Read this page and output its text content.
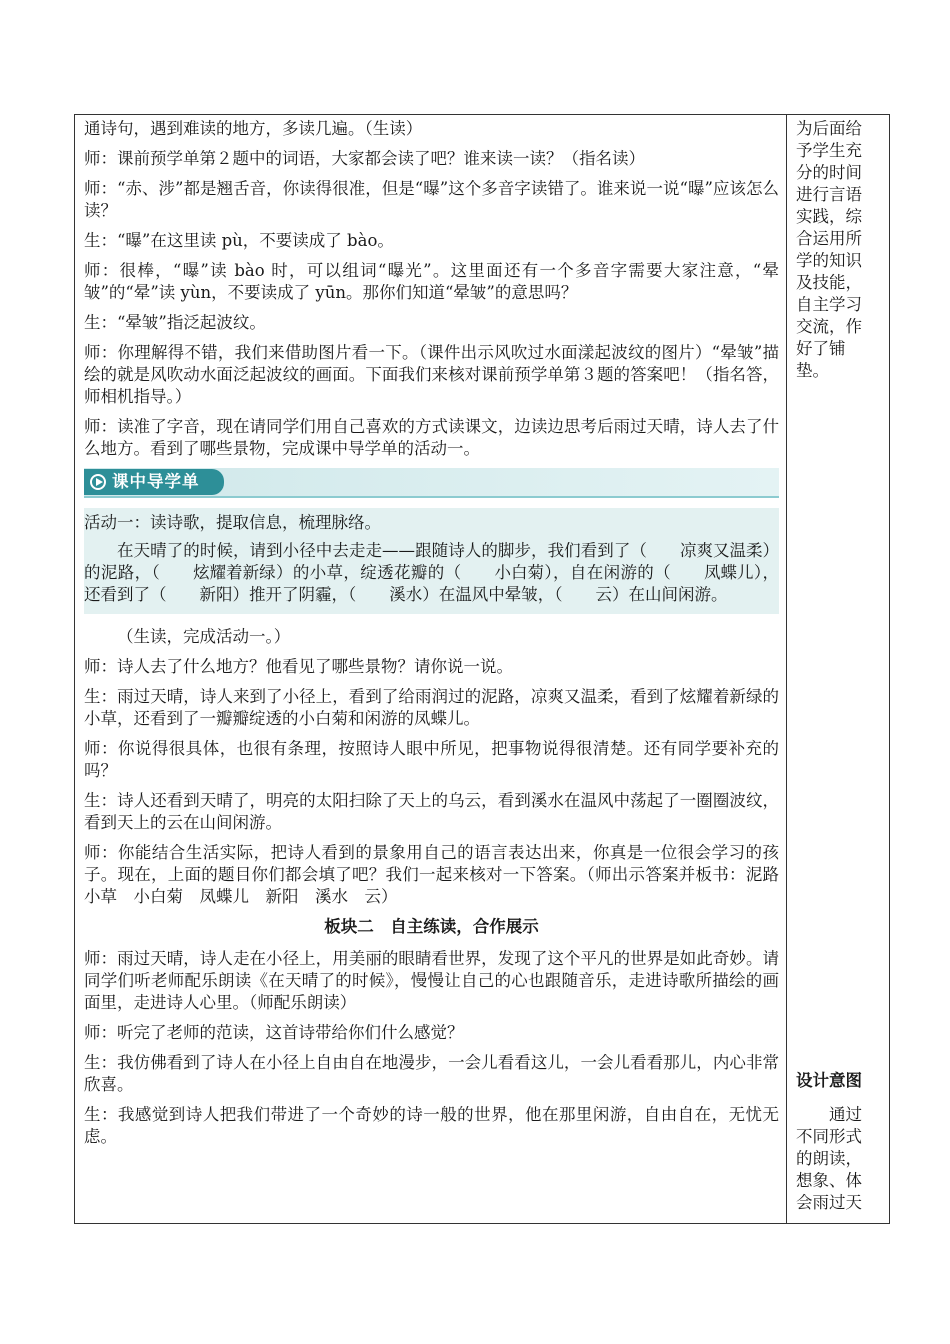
通诗句，遇到难读的地方，多读几遍。（生读）

师：课前预学单第２题中的词语，大家都会读了吧？谁来读一读？（指名读）

师：“赤、涉”都是翘舌音，你读得很准，但是“曝”这个多音字读错了。谁来说一说“曝”应该怎么读？

生：“曝”在这里读 pù，不要读成了 bào。

师：很棒，“曝”读 bào 时，可以组词“曝光”。这里面还有一个多音字需要大家注意，“晕皱”的“晕”读 yùn，不要读成了 yūn。那你们知道“晕皱”的意思吗？

生：“晕皱”指泛起波纹。

师：你理解得不错，我们来借助图片看一下。（课件出示风吹过水面漾起波纹的图片）“晕皱”描绘的就是风吹动水面泛起波纹的画面。下面我们来核对课前预学单第３题的答案吧！（指名答，师相机指导。）

师：读准了字音，现在请同学们用自己喜欢的方式读课文，边读边思考后雨过天晴，诗人去了什么地方。看到了哪些景物，完成课中导学单的活动一。

课中导学单

活动一：读诗歌，提取信息，梳理脉络。

在天晴了的时候，请到小径中去走走——跟随诗人的脚步，我们看到了（ 凉爽又温柔）的泥路，（ 炫耀着新绿）的小草，绽透花瓣的（ 小白菊），自在闲游的（ 凤蝶儿），还看到了（ 新阳）推开了阴霾，（ 溪水）在温风中晕皱，（ 云）在山间闲游。

（生读，完成活动一。）

师：诗人去了什么地方？他看见了哪些景物？请你说一说。

生：雨过天晴，诗人来到了小径上，看到了给雨润过的泥路，凉爽又温柔，看到了炫耀着新绿的小草，还看到了一瓣瓣绽透的小白菊和闲游的凤蝶儿。

师：你说得很具体，也很有条理，按照诗人眼中所见，把事物说得很清楚。还有同学要补充的吗？

生：诗人还看到天晴了，明亮的太阳扫除了天上的乌云，看到溪水在温风中荡起了一圈圈波纹，看到天上的云在山间闲游。

师：你能结合生活实际，把诗人看到的景象用自己的语言表达出来，你真是一位很会学习的孩子。现在，上面的题目你们都会填了吧？我们一起来核对一下答案。（师出示答案并板书：泥路　小草　小白菊　凤蝶儿　新阳　溪水　云）

板块二　自主练读，合作展示

师：雨过天晴，诗人走在小径上，用美丽的眼睛看世界，发现了这个平凡的世界是如此奇妙。请同学们听老师配乐朗读《在天晴了的时候》，慢慢让自己的心也跟随音乐，走进诗歌所描绘的画面里，走进诗人心里。（师配乐朗读）

师：听完了老师的范读，这首诗带给你们什么感觉？

生：我仿佛看到了诗人在小径上自由自在地漫步，一会儿看看这儿，一会儿看看那儿，内心非常欣喜。

生：我感觉到诗人把我们带进了一个奇妙的诗一般的世界，他在那里闲游，自由自在，无忧无虑。

为后面给予学生充分的时间进行言语实践，综合运用所学的知识及技能，自主学习交流，作好了铺垫。
设计意图
通过不同形式的朗读，想象、体会雨过天
